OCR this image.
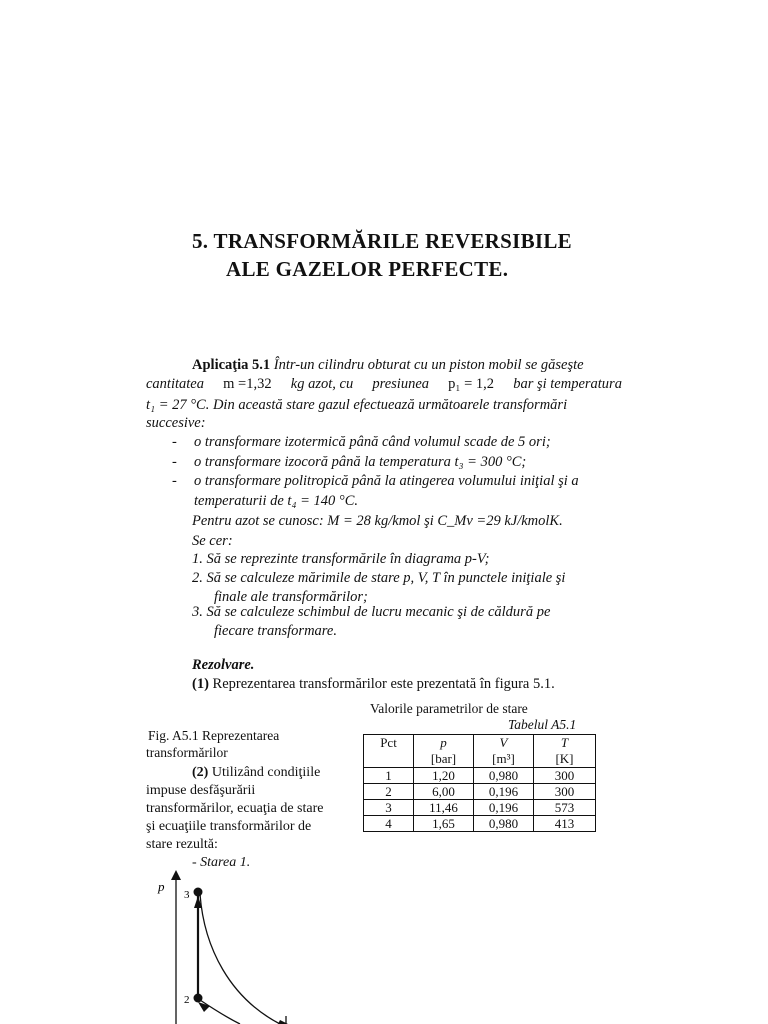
5. TRANSFORMĂRILE REVERSIBILE
ALE GAZELOR PERFECTE.
Aplicaţia 5.1 Într-un cilindru obturat cu un piston mobil se găseşte
cantitatea m =1,32 kg azot, cu presiunea p₁ = 1,2 bar şi temperatura
t₁ = 27 °C. Din această stare gazul efectuează următoarele transformări
succesive:
- o transformare izotermică până când volumul scade de 5 ori;
- o transformare izocoră până la temperatura t₃ = 300 °C;
- o transformare politropică până la atingerea volumului iniţial şi a
temperaturii de t₄ = 140 °C.
Pentru azot se cunosc: M = 28 kg/kmol şi C_Mv =29 kJ/kmolK.
Se cer:
1. Să se reprezinte transformările în diagrama p-V;
2. Să se calculeze mărimile de stare p, V, T în punctele iniţiale şi
finale ale transformărilor;
3. Să se calculeze schimbul de lucru mecanic şi de căldură pe
fiecare transformare.
Rezolvare.
(1) Reprezentarea transformărilor este prezentată în figura 5.1.
Valorile parametrilor de stare
Tabelul A5.1
Pct	p	V	T
	[bar]	[m³]	[K]
1	1,20	0,980	300
2	6,00	0,196	300
3	11,46	0,196	573
4	1,65	0,980	413
Fig. A5.1 Reprezentarea
transformărilor
(2) Utilizând condiţiile
impuse desfăşurării
transformărilor, ecuaţia de stare
şi ecuaţiile transformărilor de
stare rezultă:
- Starea 1.
p
3
2
